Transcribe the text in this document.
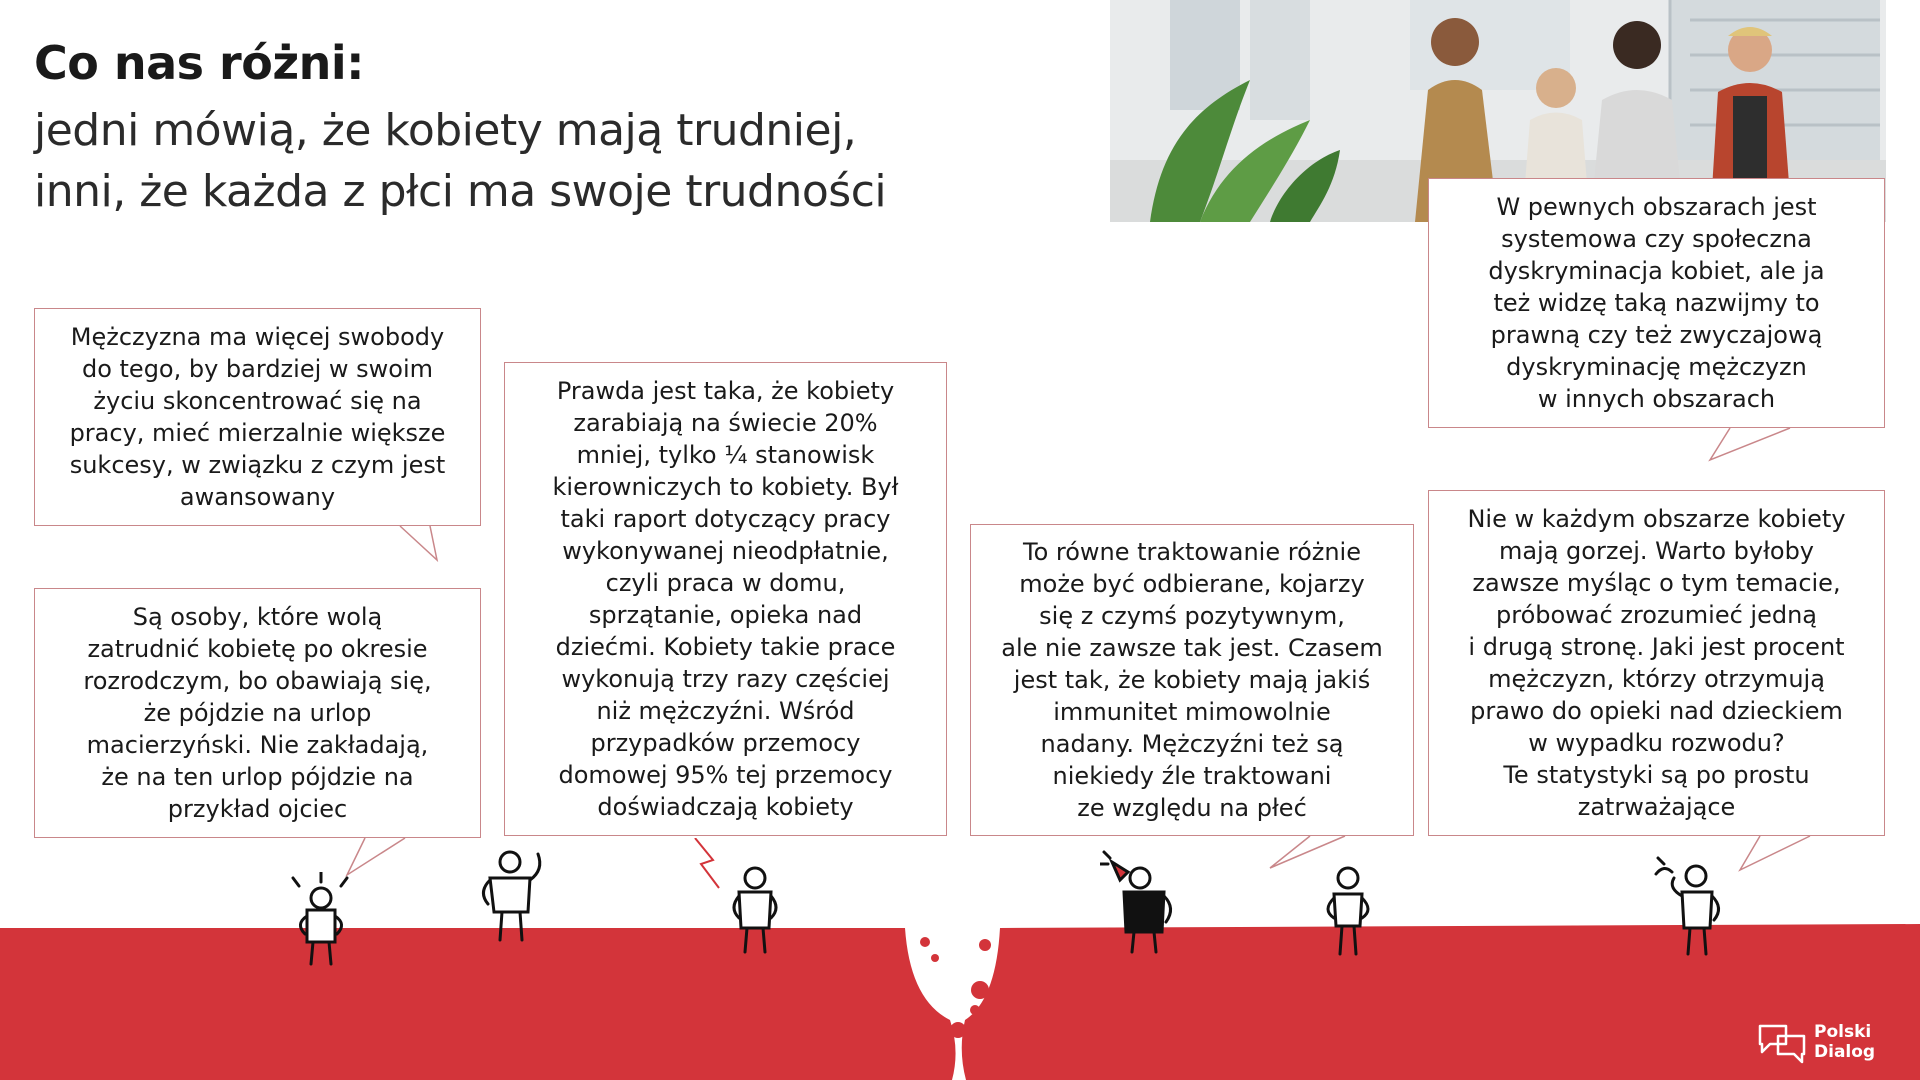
Co nas różni:

jedni mówią, że kobiety mają trudniej,
inni, że każda z płci ma swoje trudności

Mężczyzna ma więcej swobody
do tego, by bardziej w swoim
życiu skoncentrować się na
pracy, mieć mierzalnie większe
sukcesy, w związku z czym jest
awansowany
Są osoby, które wolą
zatrudnić kobietę po okresie
rozrodczym, bo obawiają się,
że pójdzie na urlop
macierzyński. Nie zakładają,
że na ten urlop pójdzie na
przykład ojciec
Prawda jest taka, że kobiety
zarabiają na świecie 20%
mniej, tylko ¼ stanowisk
kierowniczych to kobiety. Był
taki raport dotyczący pracy
wykonywanej nieodpłatnie,
czyli praca w domu,
sprzątanie, opieka nad
dziećmi. Kobiety takie prace
wykonują trzy razy częściej
niż mężczyźni. Wśród
przypadków przemocy
domowej 95% tej przemocy
doświadczają kobiety
To równe traktowanie różnie
może być odbierane, kojarzy
się z czymś pozytywnym,
ale nie zawsze tak jest. Czasem
jest tak, że kobiety mają jakiś
immunitet mimowolnie
nadany. Mężczyźni też są
niekiedy źle traktowani
ze względu na płeć
W pewnych obszarach jest
systemowa czy społeczna
dyskryminacja kobiet, ale ja
też widzę taką nazwijmy to
prawną czy też zwyczajową
dyskryminację mężczyzn
w innych obszarach
Nie w każdym obszarze kobiety
mają gorzej. Warto byłoby
zawsze myśląc o tym temacie,
próbować zrozumieć jedną
i drugą stronę. Jaki jest procent
mężczyzn, którzy otrzymują
prawo do opieki nad dzieckiem
w wypadku rozwodu?
Te statystyki są po prostu
zatrważające
Polski
Dialog
